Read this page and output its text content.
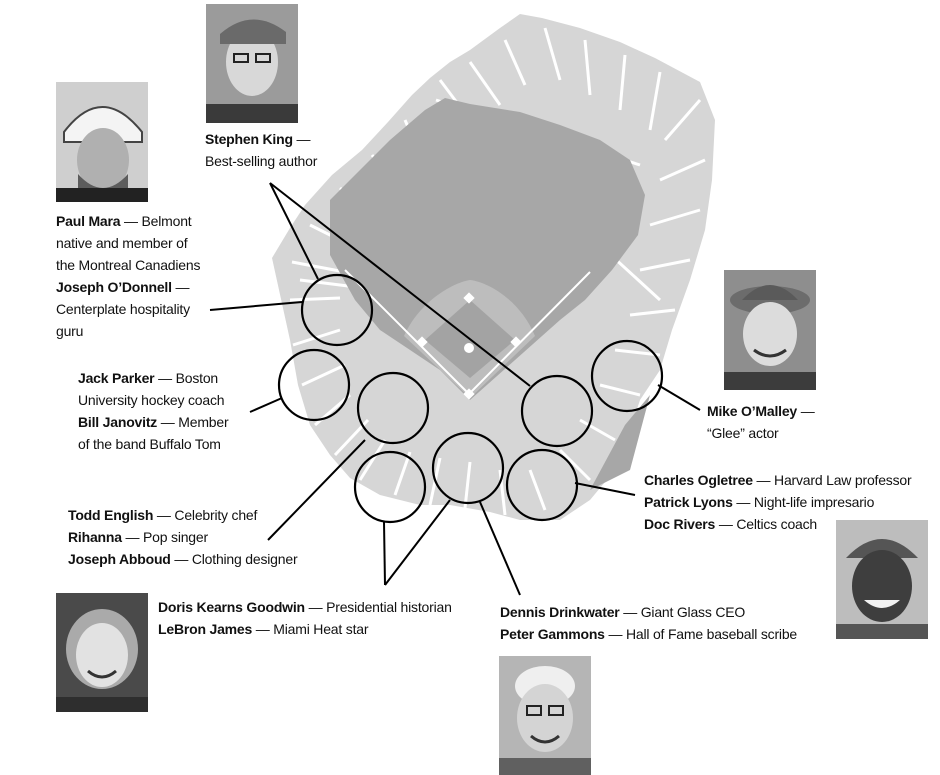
Stephen King —
Best-selling author
Paul Mara — Belmont
native and member of
the Montreal Canadiens
Joseph O’Donnell —
Centerplate hospitality
guru
Jack Parker — Boston
University hockey coach
Bill Janovitz — Member
of the band Buffalo Tom
Todd English — Celebrity chef
Rihanna — Pop singer
Joseph Abboud — Clothing designer
Doris Kearns Goodwin — Presidential historian
LeBron James — Miami Heat star
Mike O’Malley —
“Glee” actor
Charles Ogletree — Harvard Law professor
Patrick Lyons — Night-life impresario
Doc Rivers — Celtics coach
Dennis Drinkwater — Giant Glass CEO
Peter Gammons — Hall of Fame baseball scribe
